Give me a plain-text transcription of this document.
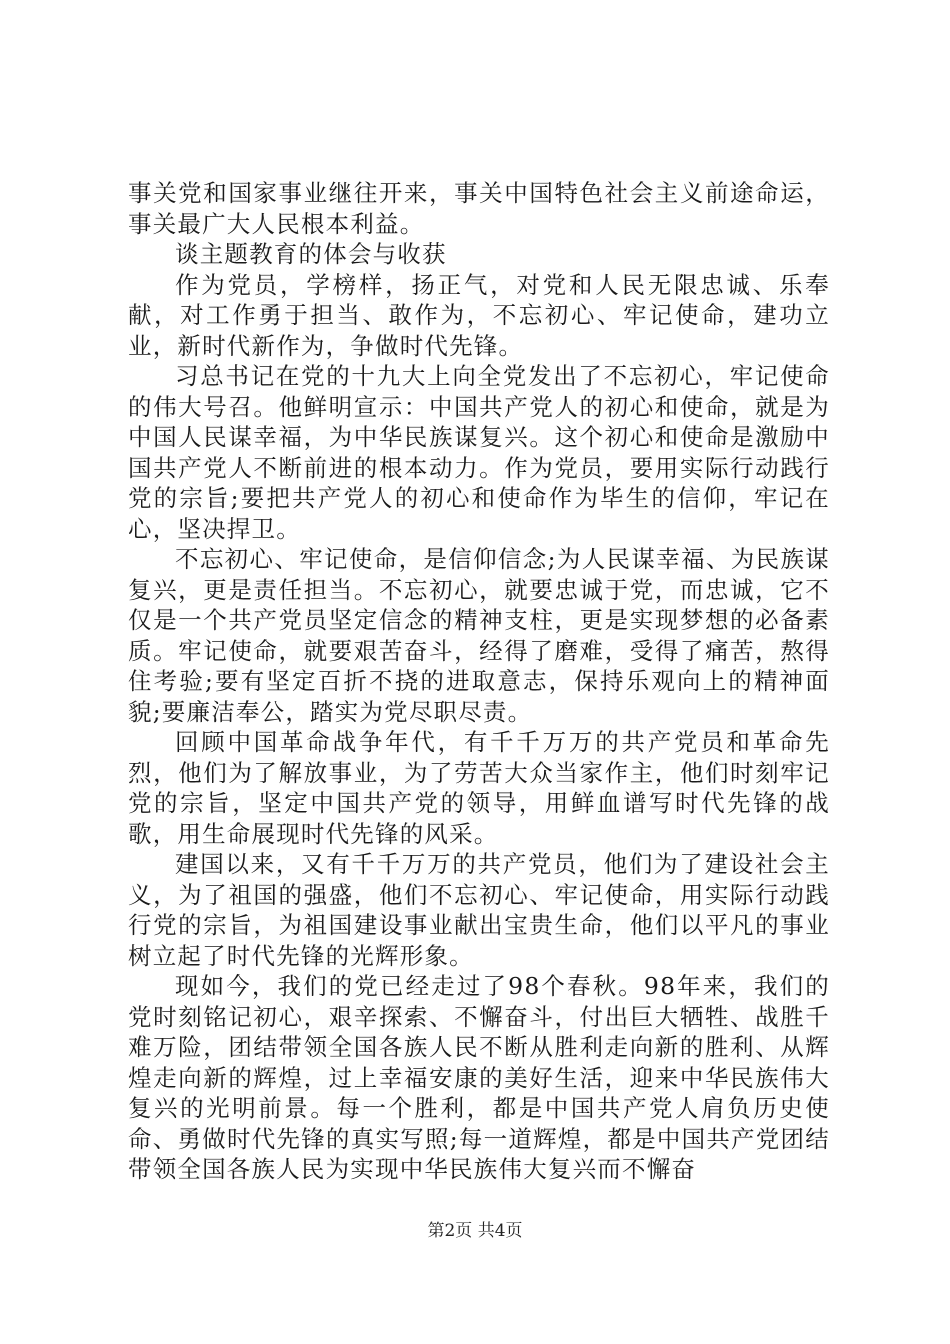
事关党和国家事业继往开来，事关中国特色社会主义前途命运，事关最广大人民根本利益。

谈主题教育的体会与收获

作为党员，学榜样，扬正气，对党和人民无限忠诚、乐奉献，对工作勇于担当、敢作为，不忘初心、牢记使命，建功立业，新时代新作为，争做时代先锋。

习总书记在党的十九大上向全党发出了不忘初心，牢记使命的伟大号召。他鲜明宣示：中国共产党人的初心和使命，就是为中国人民谋幸福，为中华民族谋复兴。这个初心和使命是激励中国共产党人不断前进的根本动力。作为党员，要用实际行动践行党的宗旨;要把共产党人的初心和使命作为毕生的信仰，牢记在心，坚决捍卫。

不忘初心、牢记使命，是信仰信念;为人民谋幸福、为民族谋复兴，更是责任担当。不忘初心，就要忠诚于党，而忠诚，它不仅是一个共产党员坚定信念的精神支柱，更是实现梦想的必备素质。牢记使命，就要艰苦奋斗，经得了磨难，受得了痛苦，熬得住考验;要有坚定百折不挠的进取意志，保持乐观向上的精神面貌;要廉洁奉公，踏实为党尽职尽责。

回顾中国革命战争年代，有千千万万的共产党员和革命先烈，他们为了解放事业，为了劳苦大众当家作主，他们时刻牢记党的宗旨，坚定中国共产党的领导，用鲜血谱写时代先锋的战歌，用生命展现时代先锋的风采。

建国以来，又有千千万万的共产党员，他们为了建设社会主义，为了祖国的强盛，他们不忘初心、牢记使命，用实际行动践行党的宗旨，为祖国建设事业献出宝贵生命，他们以平凡的事业树立起了时代先锋的光辉形象。

现如今，我们的党已经走过了98个春秋。98年来，我们的党时刻铭记初心，艰辛探索、不懈奋斗，付出巨大牺牲、战胜千难万险，团结带领全国各族人民不断从胜利走向新的胜利、从辉煌走向新的辉煌，过上幸福安康的美好生活，迎来中华民族伟大复兴的光明前景。每一个胜利，都是中国共产党人肩负历史使命、勇做时代先锋的真实写照;每一道辉煌，都是中国共产党团结带领全国各族人民为实现中华民族伟大复兴而不懈奋

第2页 共4页
